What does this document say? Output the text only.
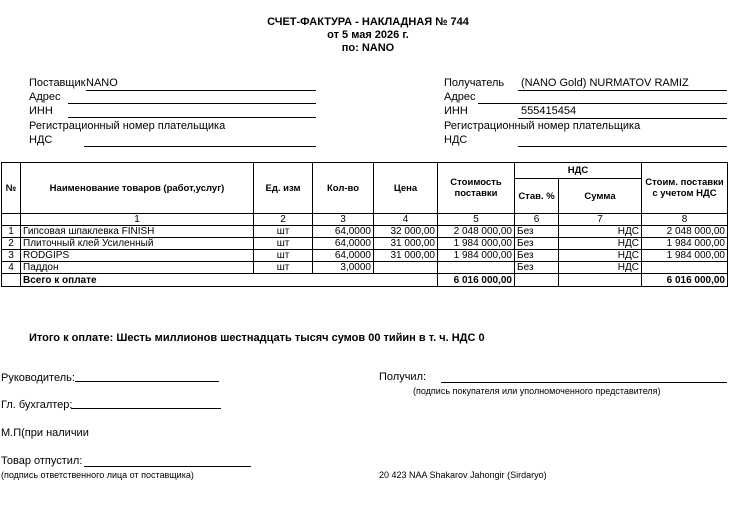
СЧЕТ-ФАКТУРА - НАКЛАДНАЯ № 744
от 5 мая 2026 г.
по: NANO
Поставщик NANO
Адрес
ИНН
Регистрационный номер плательщика
НДС
Получатель (NANO Gold) NURMATOV RAMIZ
Адрес
ИНН	555415454
Регистрационный номер плательщика
НДС
№	Наименование товаров (работ,услуг)	Ед. изм	Кол-во	Цена	Стоимость поставки	НДС		Стоим. поставки с учетом НДС
						Став. %	Сумма	
	1	2	3	4	5	6	7	8
1	Гипсовая шпаклевка FINISH	шт	64,0000	32 000,00	2 048 000,00	Без	НДС	2 048 000,00
2	Плиточный клей Усиленный	шт	64,0000	31 000,00	1 984 000,00	Без	НДС	1 984 000,00
3	RODGIPS	шт	64,0000	31 000,00	1 984 000,00	Без	НДС	1 984 000,00
4	Паддон	шт	3,0000			Без	НДС	
	Всего к оплате				6 016 000,00			6 016 000,00
Итого к оплате: Шесть миллионов шестнадцать тысяч сумов 00 тийин в т. ч. НДС 0
Руководитель:
Гл. бухгалтер:
М.П(при наличии
Товар отпустил:
(подпись ответственного лица от поставщика)
Получил:
(подпись покупателя или уполномоченного представителя)
20 423 NAA Shakarov Jahongir (Sirdaryo)
